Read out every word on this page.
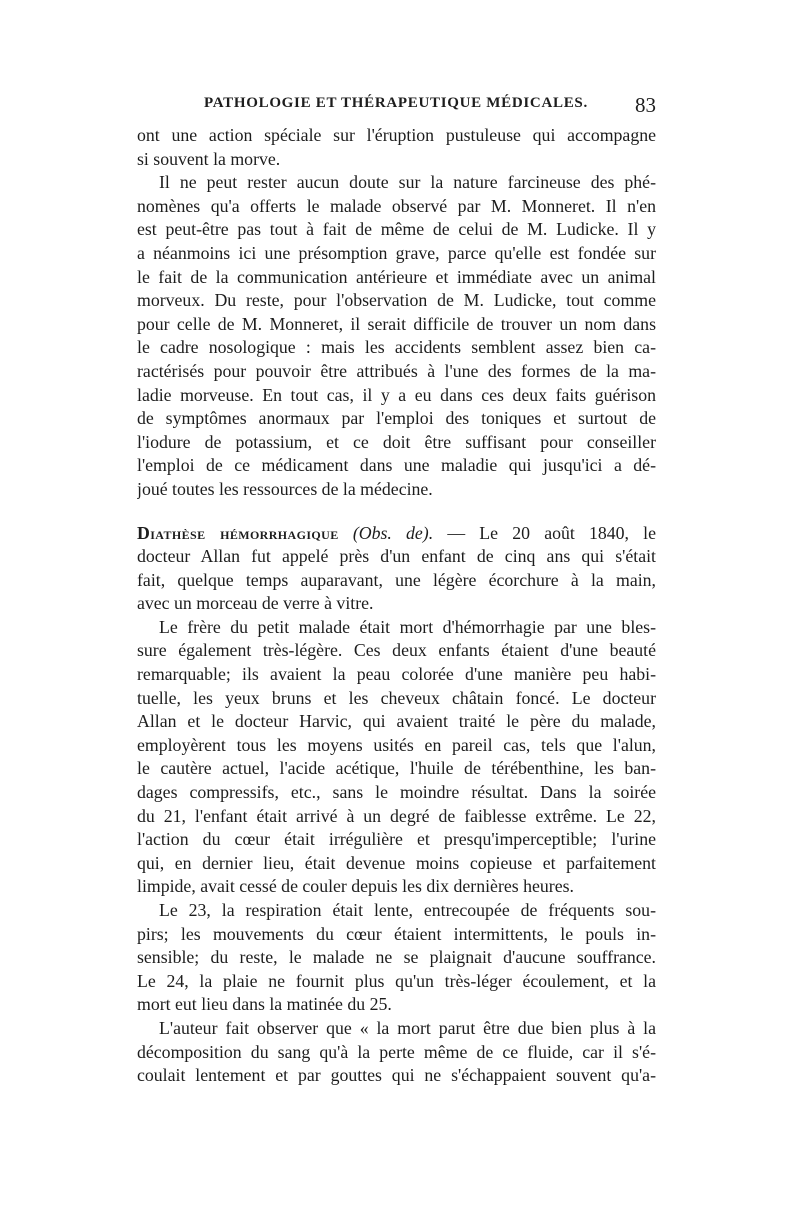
PATHOLOGIE ET THÉRAPEUTIQUE MÉDICALES. 83
ont une action spéciale sur l'éruption pustuleuse qui accompagne
si souvent la morve.
Il ne peut rester aucun doute sur la nature farcineuse des phé-
nomènes qu'a offerts le malade observé par M. Monneret. Il n'en
est peut-être pas tout à fait de même de celui de M. Ludicke. Il y
a néanmoins ici une présomption grave, parce qu'elle est fondée sur
le fait de la communication antérieure et immédiate avec un animal
morveux. Du reste, pour l'observation de M. Ludicke, tout comme
pour celle de M. Monneret, il serait difficile de trouver un nom dans
le cadre nosologique : mais les accidents semblent assez bien ca-
ractérisés pour pouvoir être attribués à l'une des formes de la ma-
ladie morveuse. En tout cas, il y a eu dans ces deux faits guérison
de symptômes anormaux par l'emploi des toniques et surtout de
l'iodure de potassium, et ce doit être suffisant pour conseiller
l'emploi de ce médicament dans une maladie qui jusqu'ici a dé-
joué toutes les ressources de la médecine.
Diathèse hémorrhagique (Obs. de). — Le 20 août 1840, le
docteur Allan fut appelé près d'un enfant de cinq ans qui s'était
fait, quelque temps auparavant, une légère écorchure à la main,
avec un morceau de verre à vitre.
Le frère du petit malade était mort d'hémorrhagie par une bles-
sure également très-légère. Ces deux enfants étaient d'une beauté
remarquable; ils avaient la peau colorée d'une manière peu habi-
tuelle, les yeux bruns et les cheveux châtain foncé. Le docteur
Allan et le docteur Harvic, qui avaient traité le père du malade,
employèrent tous les moyens usités en pareil cas, tels que l'alun,
le cautère actuel, l'acide acétique, l'huile de térébenthine, les ban-
dages compressifs, etc., sans le moindre résultat. Dans la soirée
du 21, l'enfant était arrivé à un degré de faiblesse extrême. Le 22,
l'action du cœur était irrégulière et presqu'imperceptible; l'urine
qui, en dernier lieu, était devenue moins copieuse et parfaitement
limpide, avait cessé de couler depuis les dix dernières heures.
Le 23, la respiration était lente, entrecoupée de fréquents sou-
pirs; les mouvements du cœur étaient intermittents, le pouls in-
sensible; du reste, le malade ne se plaignait d'aucune souffrance.
Le 24, la plaie ne fournit plus qu'un très-léger écoulement, et la
mort eut lieu dans la matinée du 25.
L'auteur fait observer que « la mort parut être due bien plus à la
décomposition du sang qu'à la perte même de ce fluide, car il s'é-
coulait lentement et par gouttes qui ne s'échappaient souvent qu'a-
